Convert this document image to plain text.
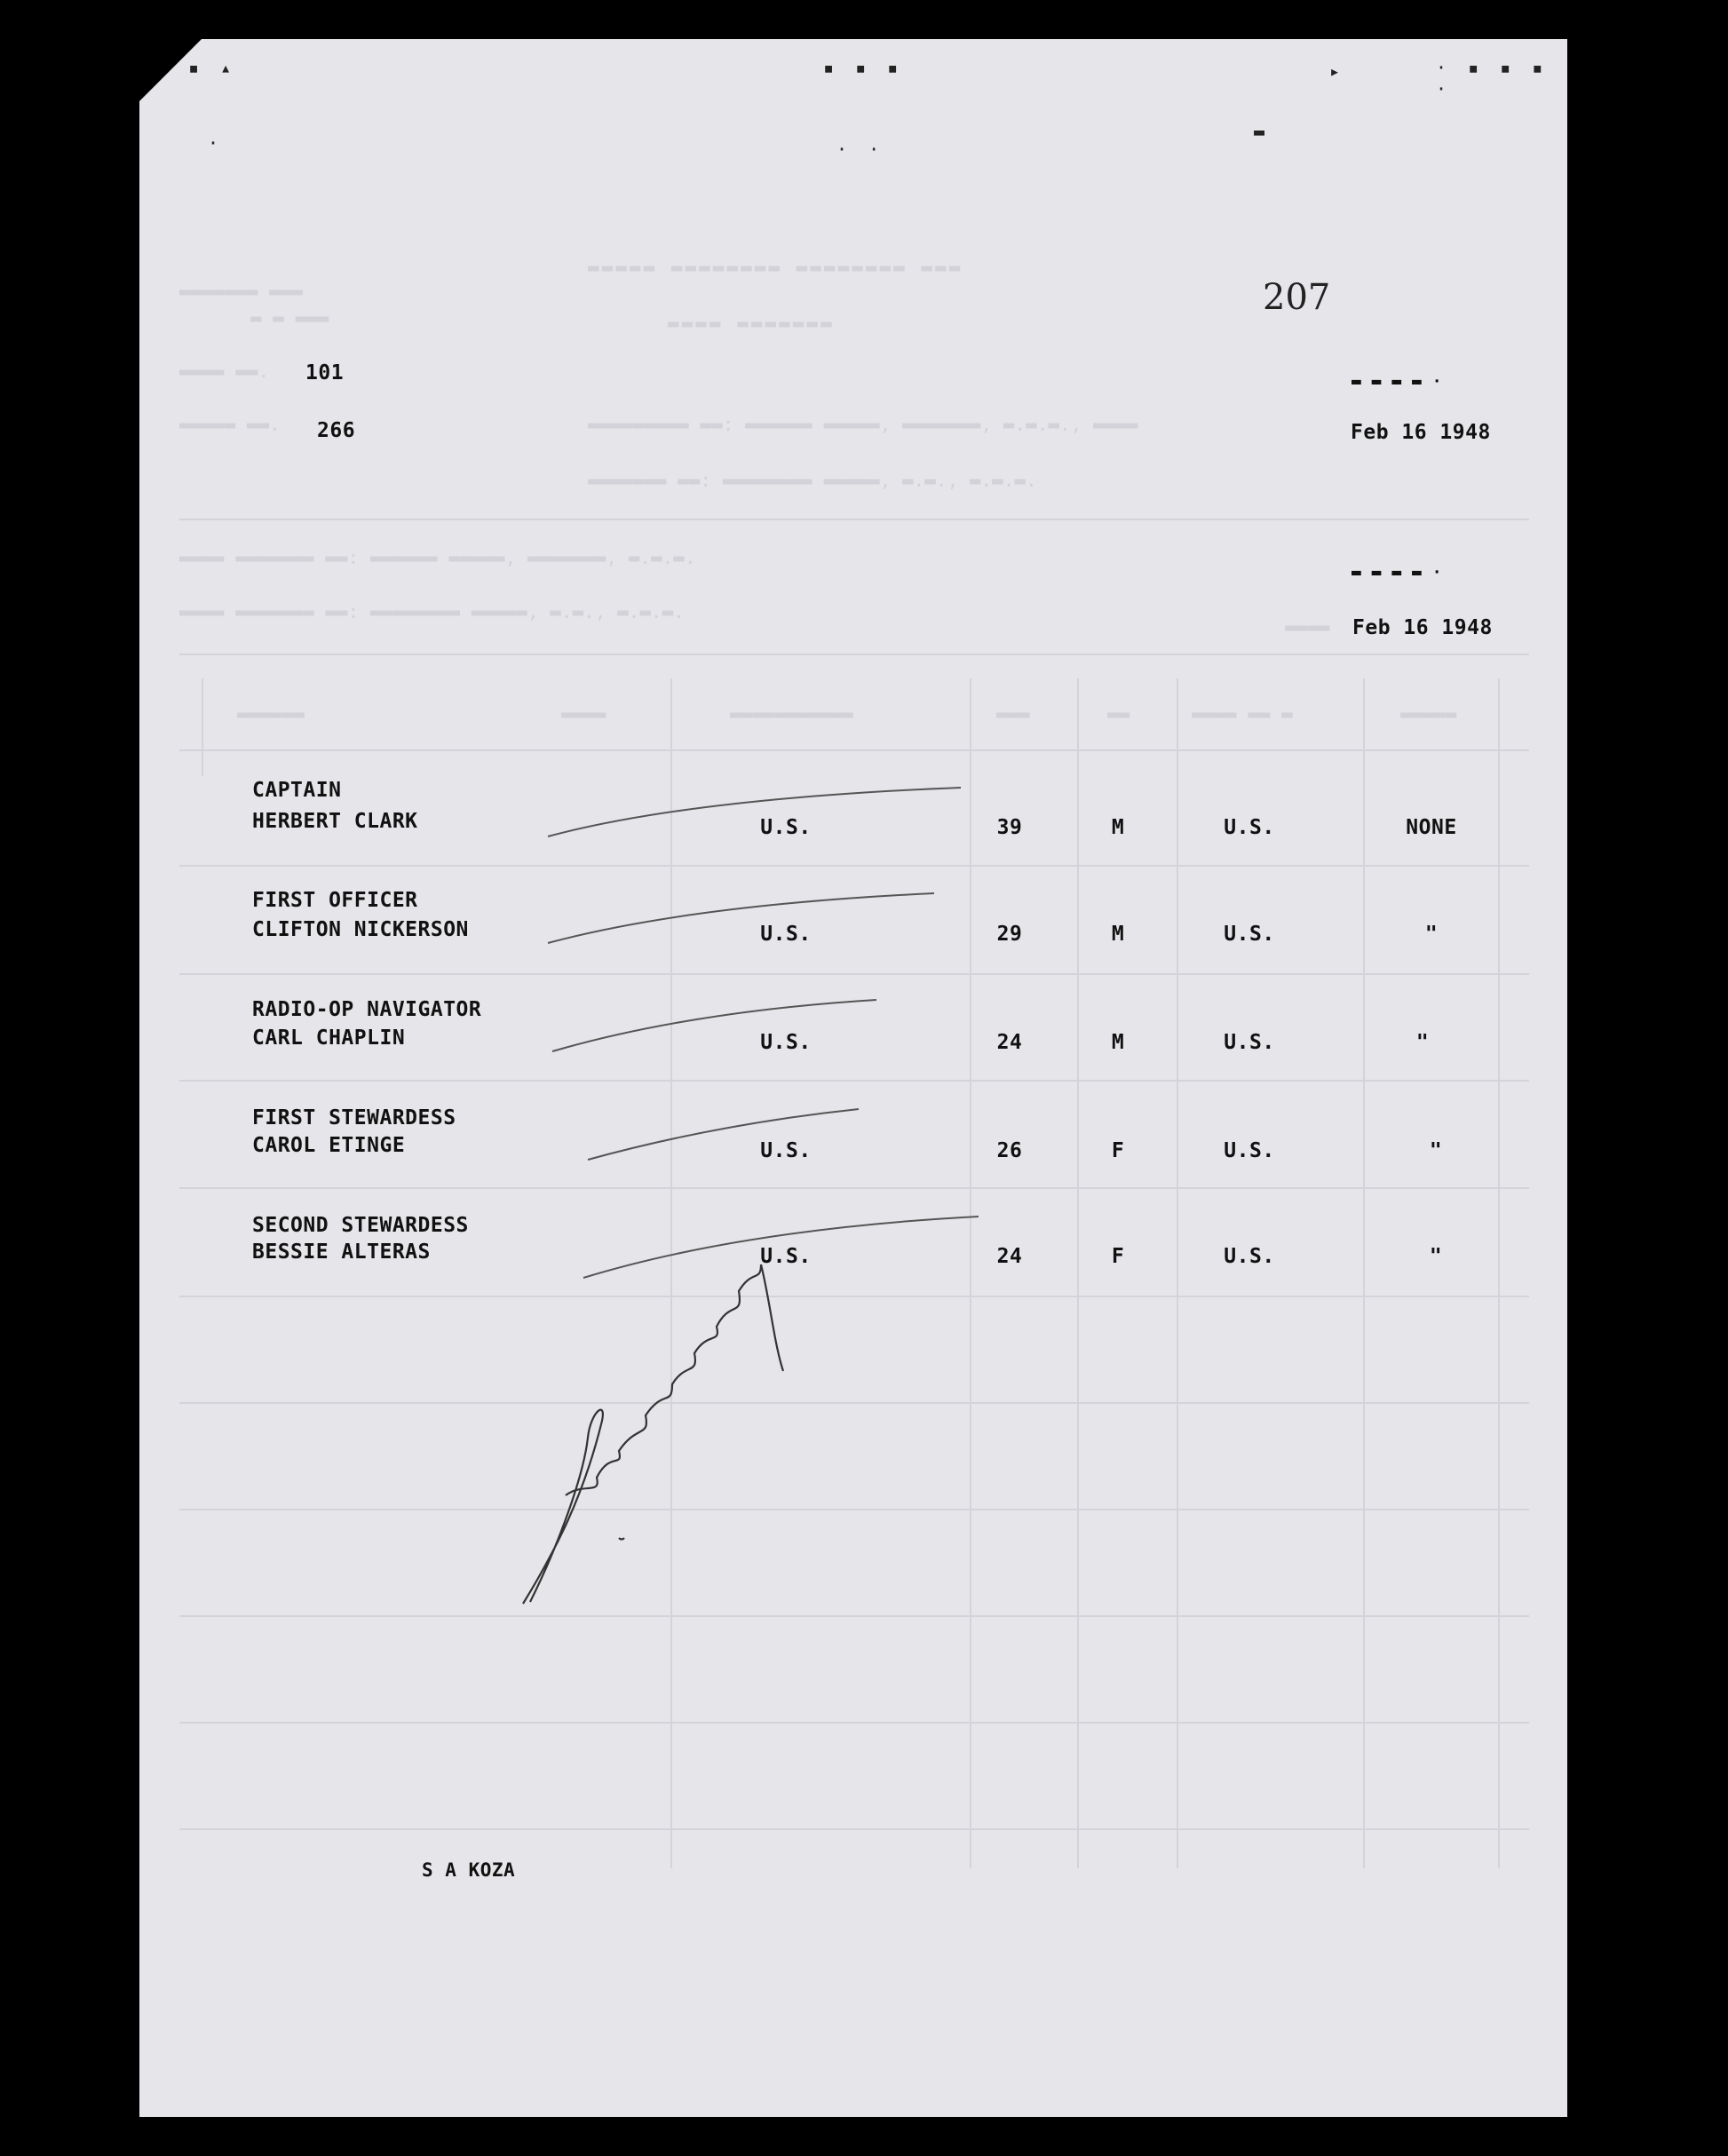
▬▬▬▬▬ ▬▬▬▬▬▬▬▬ ▬▬▬▬▬▬▬▬ ▬▬▬
▬▬▬▬ ▬▬▬▬▬▬▬
▬▬▬▬▬▬▬ ▬▬▬
▬ ▬ ▬▬▬
▬▬▬▬ ▬▬.
▬▬▬▬▬ ▬▬.	▬▬▬▬▬▬▬▬▬ ▬▬: ▬▬▬▬▬▬ ▬▬▬▬▬, ▬▬▬▬▬▬▬, ▬.▬.▬., ▬▬▬▬
▬▬▬▬▬▬▬ ▬▬: ▬▬▬▬▬▬▬▬ ▬▬▬▬▬, ▬.▬., ▬.▬.▬.
▬▬▬▬ ▬▬▬▬▬▬▬ ▬▬: ▬▬▬▬▬▬ ▬▬▬▬▬, ▬▬▬▬▬▬▬, ▬.▬.▬.
▬▬▬▬ ▬▬▬▬▬▬▬ ▬▬: ▬▬▬▬▬▬▬▬ ▬▬▬▬▬, ▬.▬., ▬.▬.▬.
▬▬▬▬
▬▬▬▬▬▬	▬▬▬▬	▬▬▬▬▬▬▬▬▬▬▬	▬▬▬	▬▬	▬▬▬▬ ▬▬ ▬	▬▬▬▬▬
▪ ▴	▪ ▪ ▪	▸	· ▪ ▪ ▪ ·
· ·
▬
·
207
101
266
▬ ▬ ▬ ▬ ·
Feb 16 1948
▬ ▬ ▬ ▬ ·
Feb 16 1948
CAPTAIN
HERBERT CLARK	U.S.	39	M	U.S.	NONE
FIRST OFFICER
CLIFTON NICKERSON	U.S.	29	M	U.S.	"
RADIO-OP NAVIGATOR
CARL CHAPLIN	U.S.	24	M	U.S.	"
FIRST STEWARDESS
CAROL ETINGE	U.S.	26	F	U.S.	"
SECOND STEWARDESS
BESSIE ALTERAS	U.S.	24	F	U.S.	"
S A KOZA
